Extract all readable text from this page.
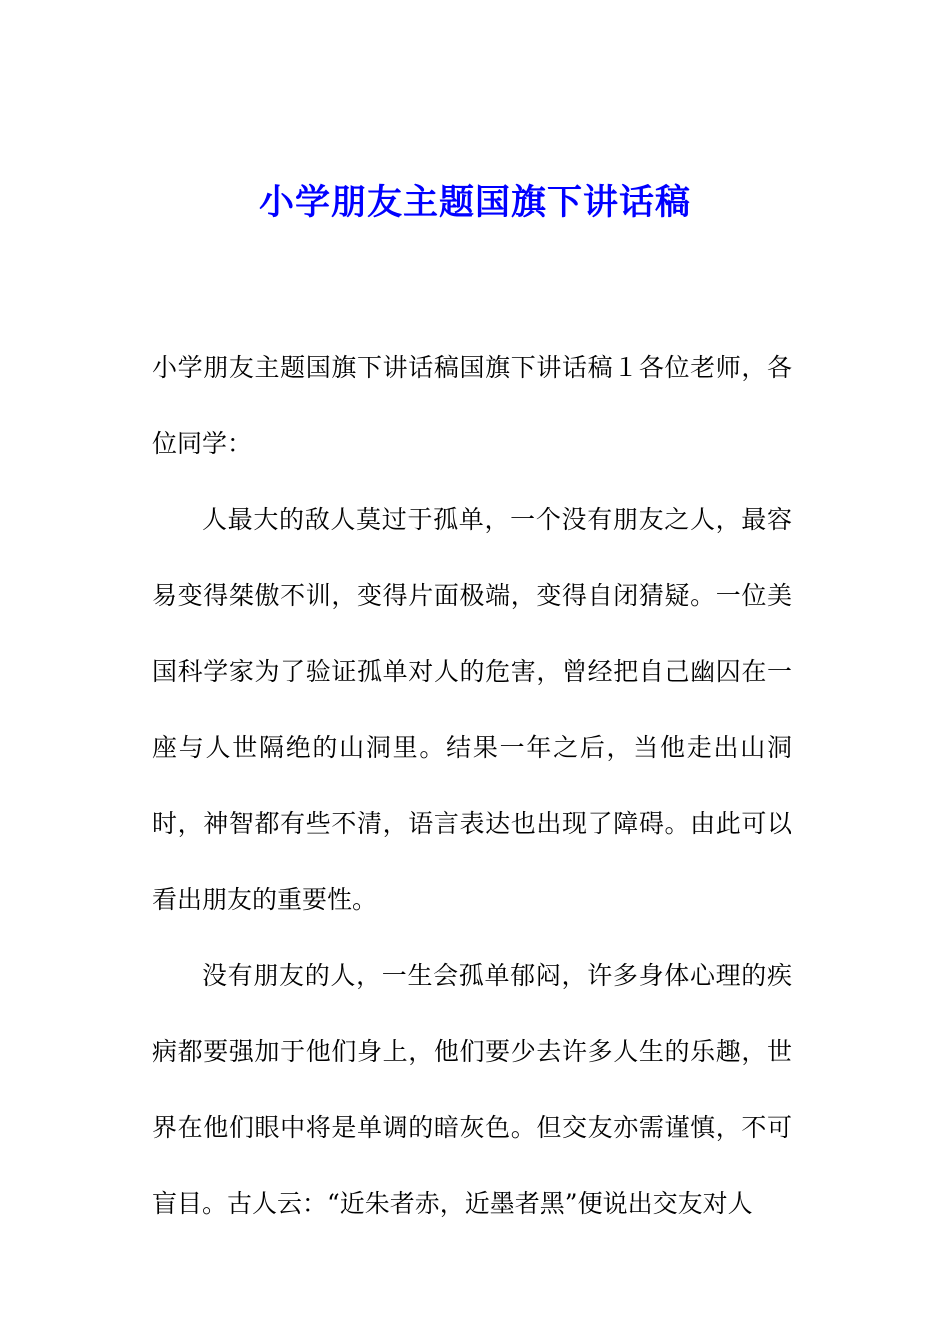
小学朋友主题国旗下讲话稿

小学朋友主题国旗下讲话稿国旗下讲话稿１各位老师，各位同学：

人最大的敌人莫过于孤单，一个没有朋友之人，最容易变得桀傲不训，变得片面极端，变得自闭猜疑。一位美国科学家为了验证孤单对人的危害，曾经把自己幽囚在一座与人世隔绝的山洞里。结果一年之后，当他走出山洞时，神智都有些不清，语言表达也出现了障碍。由此可以看出朋友的重要性。

没有朋友的人，一生会孤单郁闷，许多身体心理的疾病都要强加于他们身上，他们要少去许多人生的乐趣，世界在他们眼中将是单调的暗灰色。但交友亦需谨慎，不可盲目。古人云：“近朱者赤，近墨者黑”便说出交友对人
